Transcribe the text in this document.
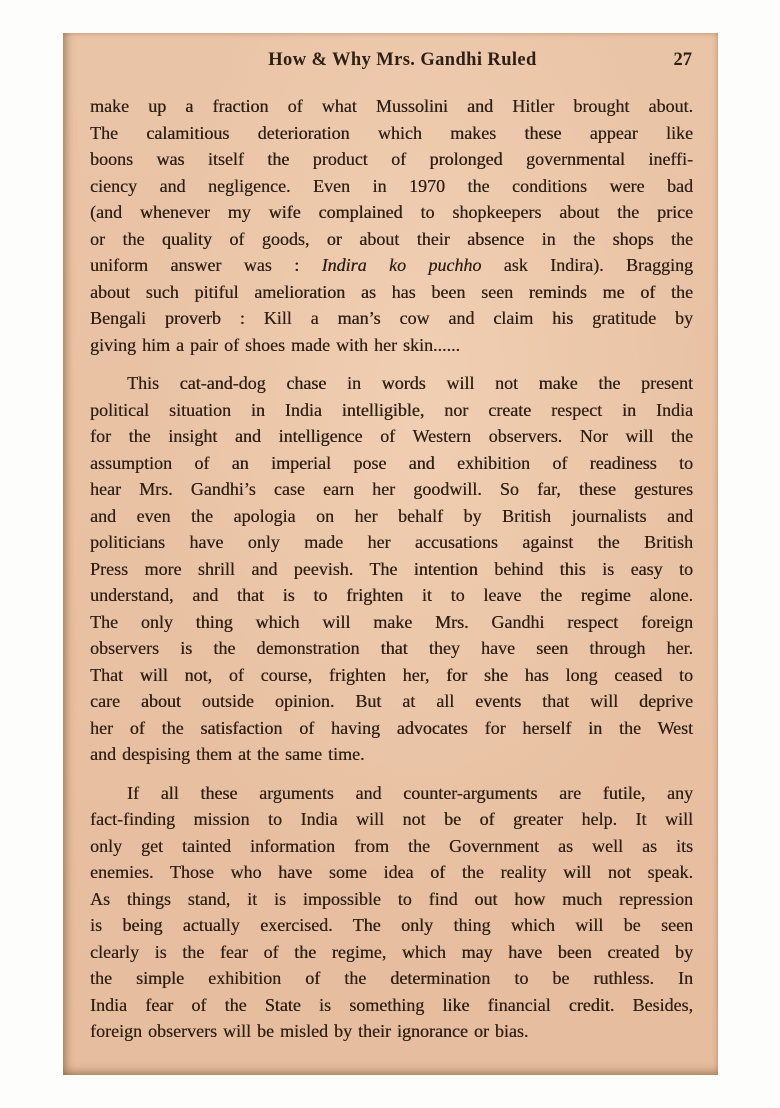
How & Why Mrs. Gandhi Ruled	27
make up a fraction of what Mussolini and Hitler brought about.
The calamitious deterioration which makes these appear like
boons was itself the product of prolonged governmental ineffi-
ciency and negligence. Even in 1970 the conditions were bad
(and whenever my wife complained to shopkeepers about the price
or the quality of goods, or about their absence in the shops the
uniform answer was : Indira ko puchho ask Indira). Bragging
about such pitiful amelioration as has been seen reminds me of the
Bengali proverb : Kill a man’s cow and claim his gratitude by
giving him a pair of shoes made with her skin......
This cat-and-dog chase in words will not make the present
political situation in India intelligible, nor create respect in India
for the insight and intelligence of Western observers. Nor will the
assumption of an imperial pose and exhibition of readiness to
hear Mrs. Gandhi’s case earn her goodwill. So far, these gestures
and even the apologia on her behalf by British journalists and
politicians have only made her accusations against the British
Press more shrill and peevish. The intention behind this is easy to
understand, and that is to frighten it to leave the regime alone.
The only thing which will make Mrs. Gandhi respect foreign
observers is the demonstration that they have seen through her.
That will not, of course, frighten her, for she has long ceased to
care about outside opinion. But at all events that will deprive
her of the satisfaction of having advocates for herself in the West
and despising them at the same time.
If all these arguments and counter-arguments are futile, any
fact-finding mission to India will not be of greater help. It will
only get tainted information from the Government as well as its
enemies. Those who have some idea of the reality will not speak.
As things stand, it is impossible to find out how much repression
is being actually exercised. The only thing which will be seen
clearly is the fear of the regime, which may have been created by
the simple exhibition of the determination to be ruthless. In
India fear of the State is something like financial credit. Besides,
foreign observers will be misled by their ignorance or bias.
